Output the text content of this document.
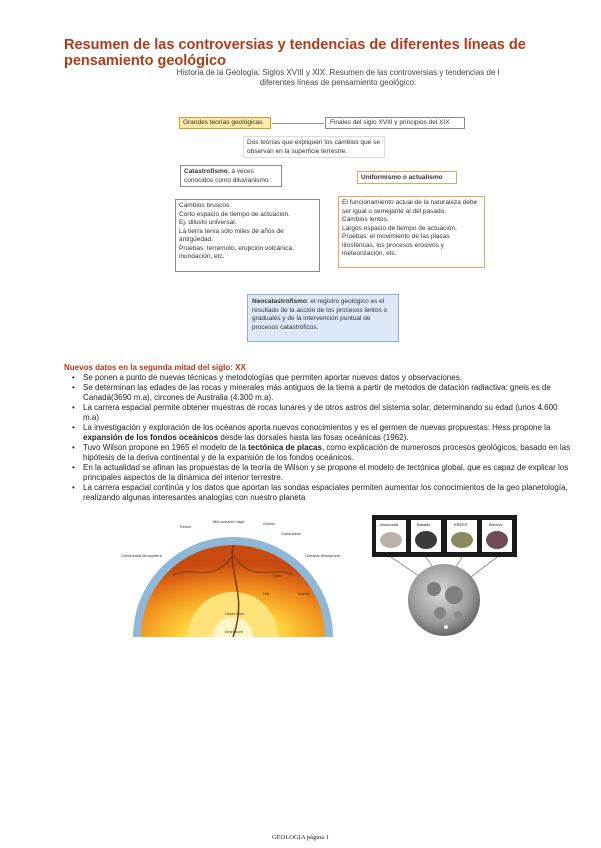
Resumen de las controversias y tendencias de diferentes líneas de pensamiento geológico
Historia de la Geología: Siglos XVIII y XIX. Resumen de las controversias y tendencias de l
diferentes líneas de pensamiento geológico.
Grandes teorías geológicas	Finales del siglo XVIII y principios del XIX
Dos teorías que expliquen los cambios que se observan en la superficie terrestre.
Catastrofismo, a veces conocidos como diluvianismo	Uniformismo o actualismo
Cambios bruscos.
Corto espacio de tiempo de actuación.
Ej. diluvio universal.
La tierra tenía sólo miles de años de antigüedad.
Pruebas: terremoto, erupción volcánica, inundación, etc.
El funcionamiento actual de la naturaleza debe ser igual o semejante al del pasado.
Cambios lentos.
Largos espacio de tiempo de actuación.
Pruebas: el movimiento de las placas litosféricas, los procesos erosivos y meteorización, etc.
Neocatastrofismo: el registro geológico es el resultado de la acción de los procesos lentos o graduales y de la intervención puntual de procesos catastróficos.
Nuevos datos en la segunda mitad del siglo: XX
• Se ponen a punto de nuevas técnicas y metodologías que permiten aportar nuevos datos y observaciones.
• Se determinan las edades de las rocas y minerales más antiguos de la tierra a partir de metodos de datación radiactiva: gneis es de Canadá(3690 m.a), circones de Australia (4.300 m.a).
• La carrera espacial permite obtener muestras de rocas lunares y de otros astros del sistema solar, determinando su edad (unos 4.600 m.a)
• La investigación y exploración de los océanos aporta nuevos conocimientos y es el germen de nuevas propuestas: Hess propone la expansión de los fondos oceánicos desde las dorsales hasta las fosas oceánicas (1962).
• Tuvo Wilson propone en 1965 el modelo de la tectónica de placas, como explicación de numerosos procesos geológicos, basado en las hipótesis de la deriva continental y de la expansión de los fondos oceánicos.
• En la actualidad se afinan las propuestas de la teoría de Wilson y se propone el modelo de tectónica global, que es capaz de explicar los principales aspectos de la dinámica del interior terrestre.
• La carrera espacial continúa y los datos que aportan las sondas espaciales permiten aumentar los conocimientos de la geo planetología, realizando algunas interesantes analogías con nuestro planeta
Trench
Mid-oceanic ridge	Ocean
Subduction
Continental lithosphere	Oceanic lithosphere
Cold
Hot	Mantle
Outer core
Inner core
Anortosita	Basalto	KREEP	Brecha
GEOLOGIA página 1
